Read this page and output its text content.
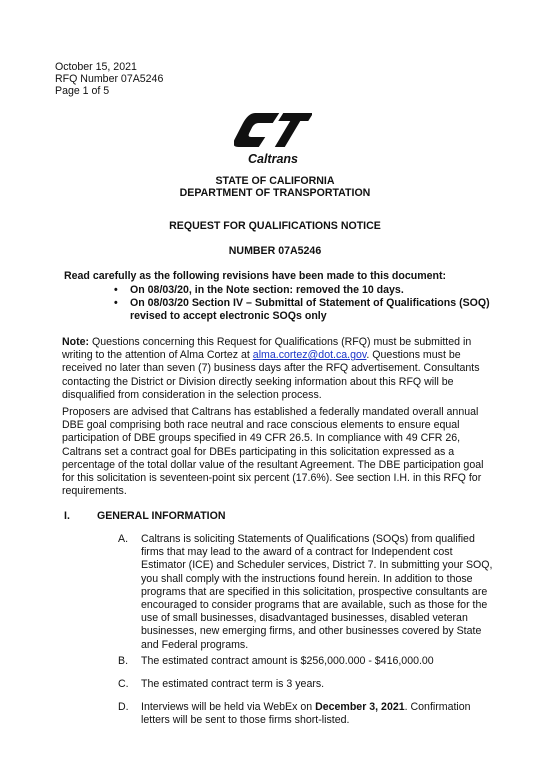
October 15, 2021
RFQ Number 07A5246
Page 1 of 5
Caltrans
STATE OF CALIFORNIA
DEPARTMENT OF TRANSPORTATION
REQUEST FOR QUALIFICATIONS NOTICE
NUMBER 07A5246
Read carefully as the following revisions have been made to this document:
• On 08/03/20, in the Note section: removed the 10 days.
• On 08/03/20 Section IV – Submittal of Statement of Qualifications (SOQ) revised to accept electronic SOQs only
Note: Questions concerning this Request for Qualifications (RFQ) must be submitted in writing to the attention of Alma Cortez at alma.cortez@dot.ca.gov. Questions must be received no later than seven (7) business days after the RFQ advertisement. Consultants contacting the District or Division directly seeking information about this RFQ will be disqualified from consideration in the selection process.
Proposers are advised that Caltrans has established a federally mandated overall annual DBE goal comprising both race neutral and race conscious elements to ensure equal participation of DBE groups specified in 49 CFR 26.5. In compliance with 49 CFR 26, Caltrans set a contract goal for DBEs participating in this solicitation expressed as a percentage of the total dollar value of the resultant Agreement. The DBE participation goal for this solicitation is seventeen-point six percent (17.6%). See section I.H. in this RFQ for requirements.
I.	GENERAL INFORMATION
A. Caltrans is soliciting Statements of Qualifications (SOQs) from qualified firms that may lead to the award of a contract for Independent cost Estimator (ICE) and Scheduler services, District 7. In submitting your SOQ, you shall comply with the instructions found herein. In addition to those programs that are specified in this solicitation, prospective consultants are encouraged to consider programs that are available, such as those for the use of small businesses, disadvantaged businesses, disabled veteran businesses, new emerging firms, and other businesses covered by State and Federal programs.
B. The estimated contract amount is $256,000.000 - $416,000.00
C. The estimated contract term is 3 years.
D. Interviews will be held via WebEx on December 3, 2021. Confirmation letters will be sent to those firms short-listed.
